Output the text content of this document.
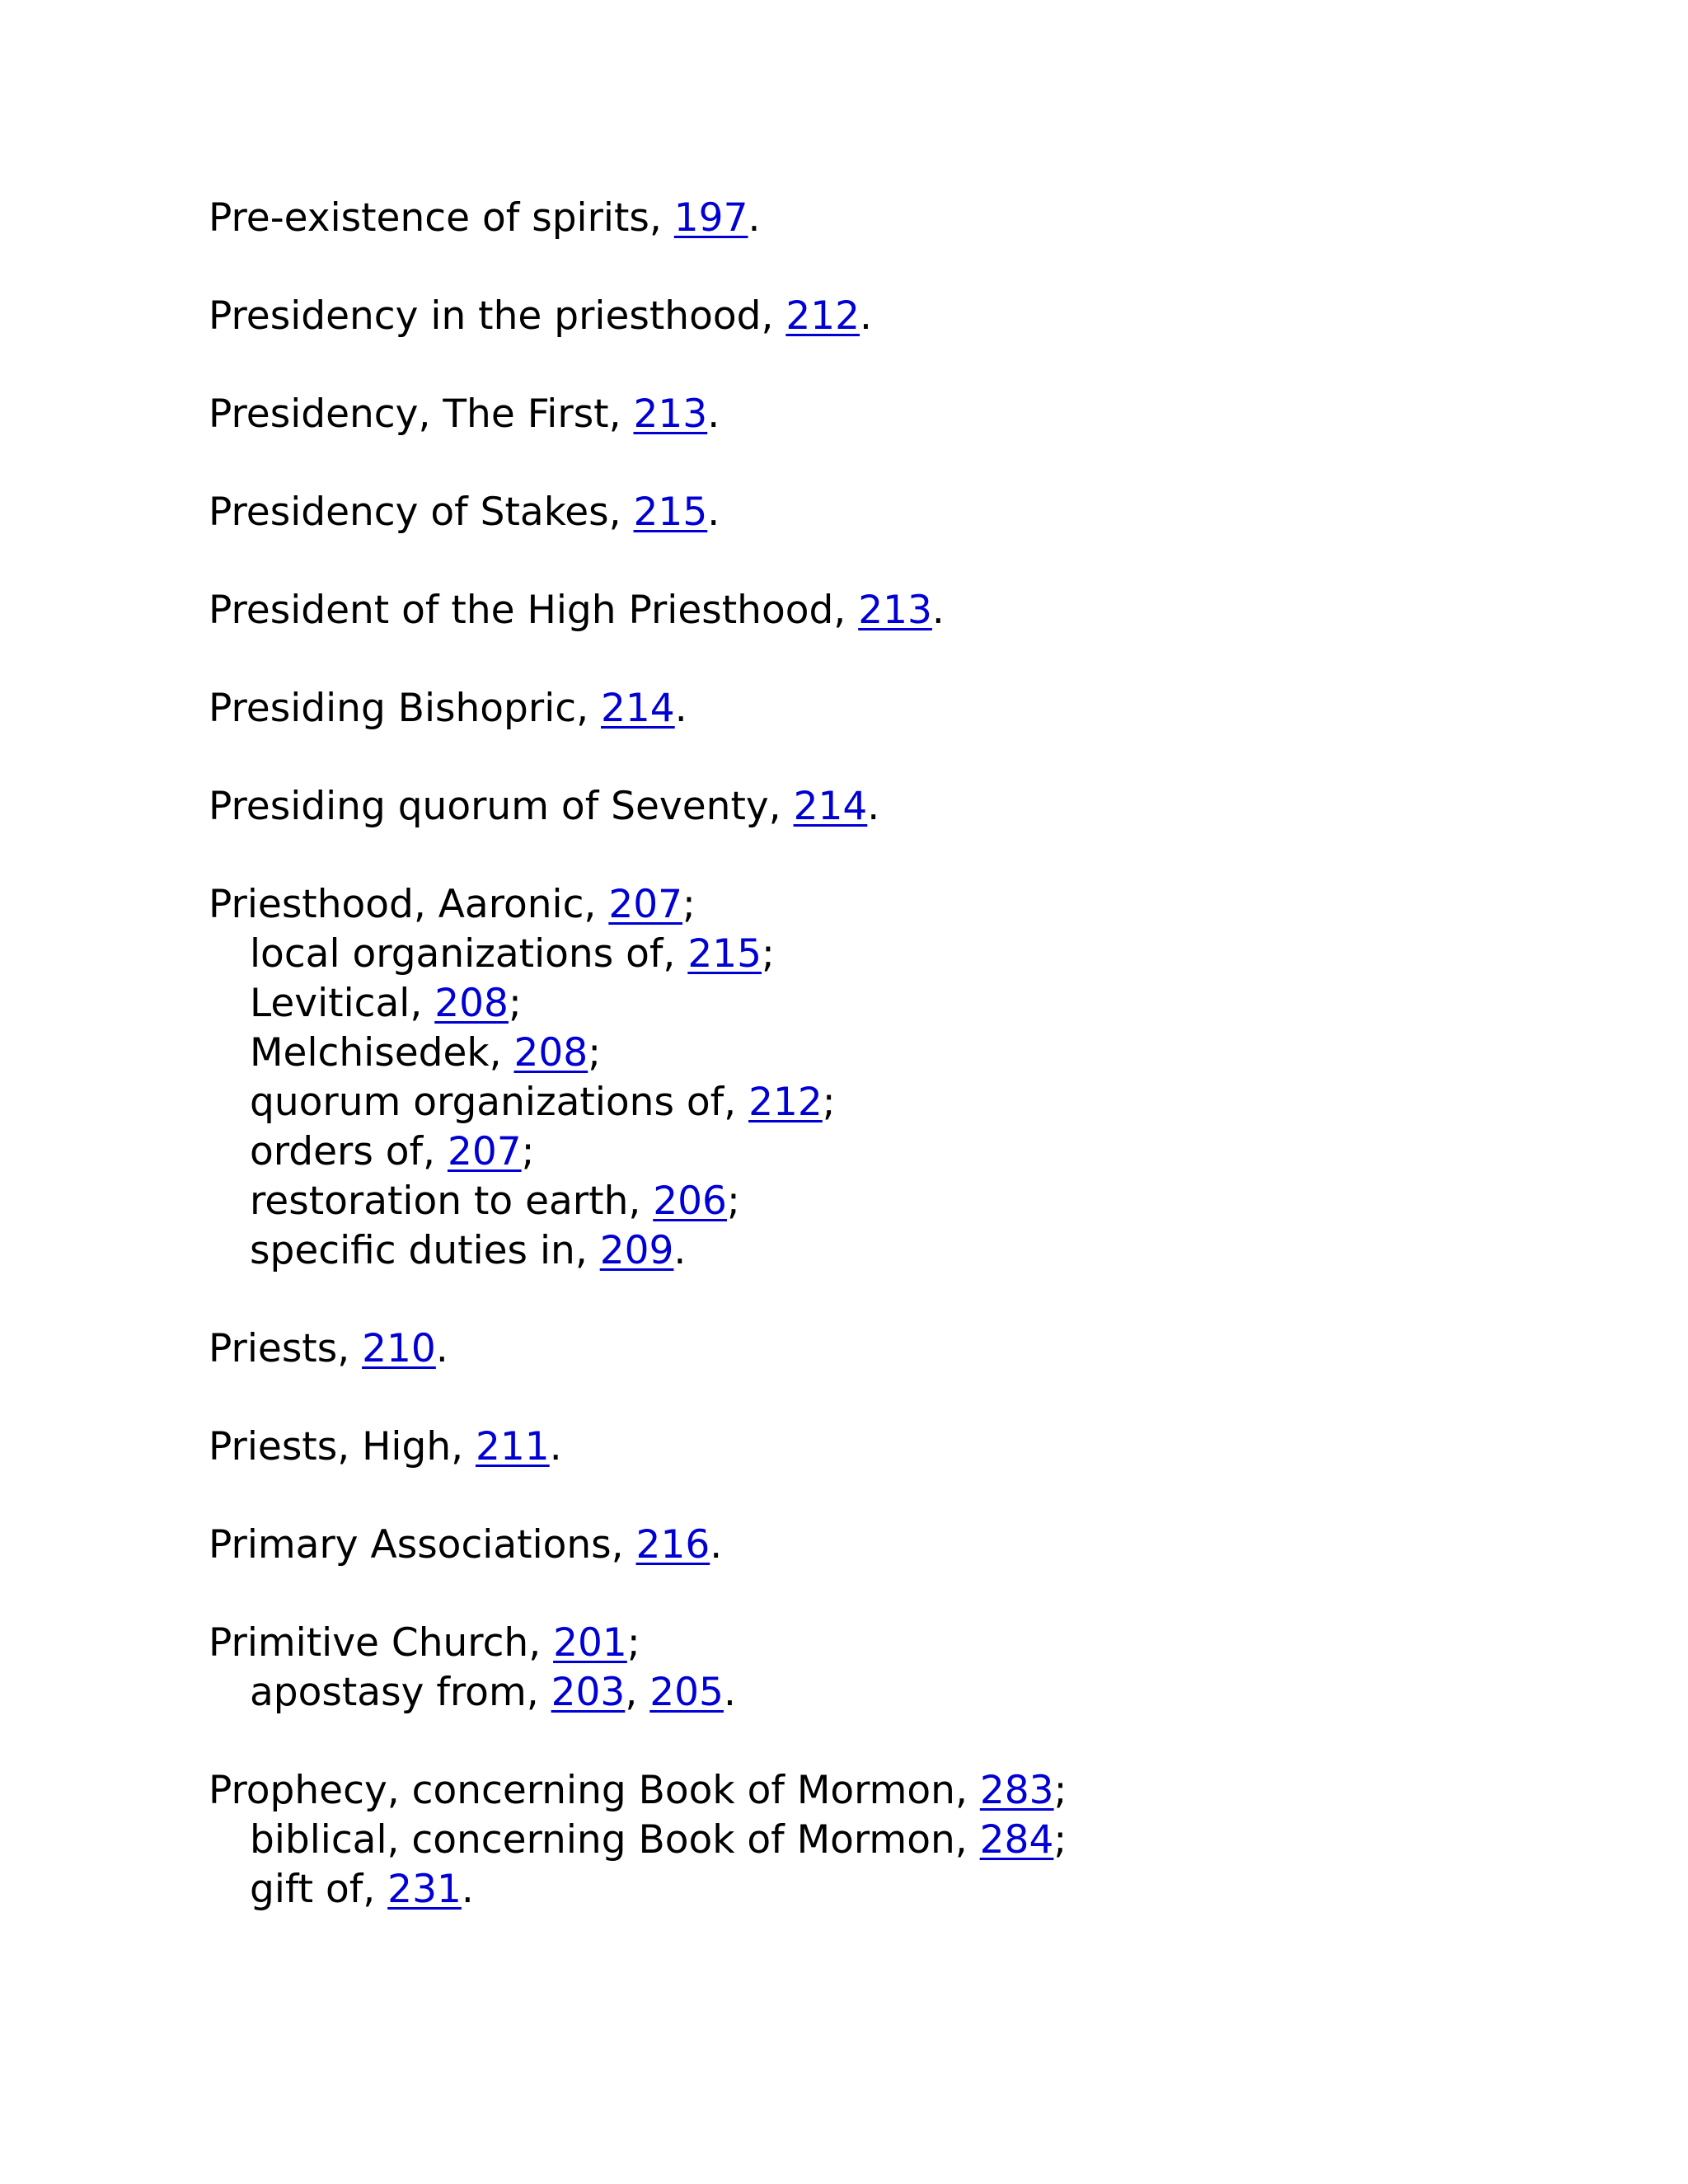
Pre-existence of spirits, 197.
Presidency in the priesthood, 212.
Presidency, The First, 213.
Presidency of Stakes, 215.
President of the High Priesthood, 213.
Presiding Bishopric, 214.
Presiding quorum of Seventy, 214.
Priesthood, Aaronic, 207;
local organizations of, 215;
Levitical, 208;
Melchisedek, 208;
quorum organizations of, 212;
orders of, 207;
restoration to earth, 206;
specific duties in, 209.
Priests, 210.
Priests, High, 211.
Primary Associations, 216.
Primitive Church, 201;
apostasy from, 203, 205.
Prophecy, concerning Book of Mormon, 283;
biblical, concerning Book of Mormon, 284;
gift of, 231.
